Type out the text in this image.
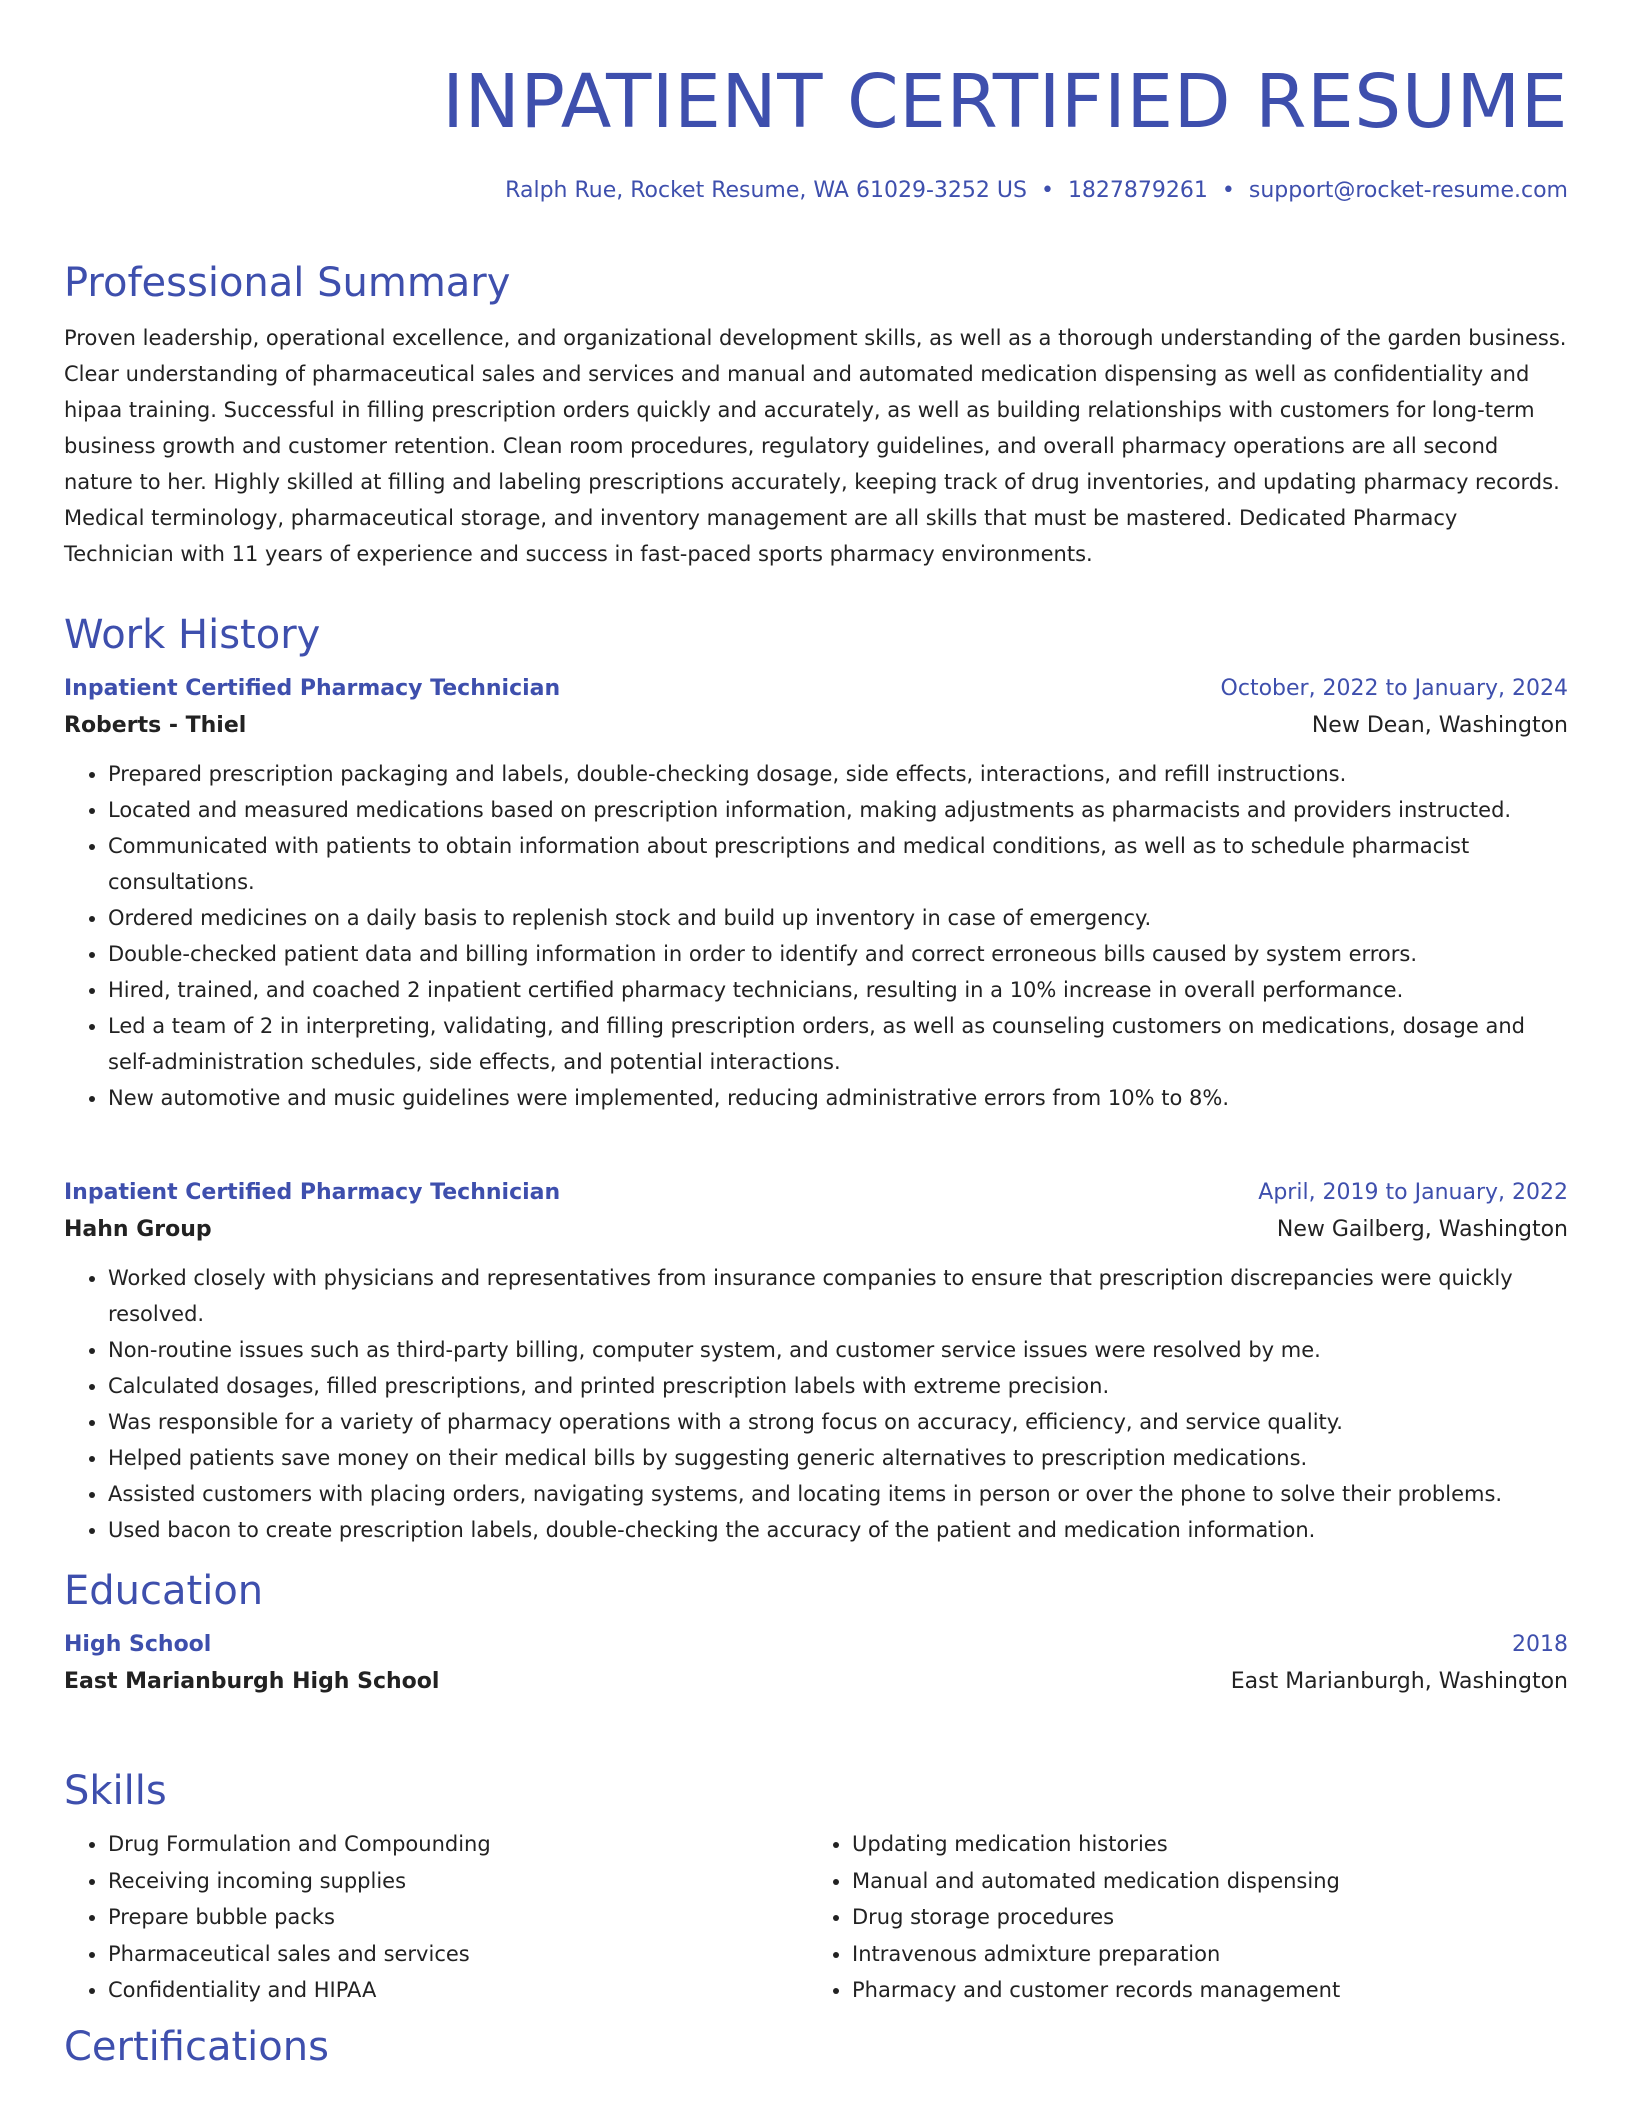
INPATIENT CERTIFIED RESUME
Ralph Rue, Rocket Resume, WA 61029-3252 US • 1827879261 • support@rocket-resume.com
Professional Summary

Proven leadership, operational excellence, and organizational development skills, as well as a thorough understanding of the garden business. Clear understanding of pharmaceutical sales and services and manual and automated medication dispensing as well as confidentiality and hipaa training. Successful in filling prescription orders quickly and accurately, as well as building relationships with customers for long-term business growth and customer retention. Clean room procedures, regulatory guidelines, and overall pharmacy operations are all second nature to her. Highly skilled at filling and labeling prescriptions accurately, keeping track of drug inventories, and updating pharmacy records. Medical terminology, pharmaceutical storage, and inventory management are all skills that must be mastered. Dedicated Pharmacy Technician with 11 years of experience and success in fast-paced sports pharmacy environments.

Work History
Inpatient Certified Pharmacy Technician	October, 2022 to January, 2024
Roberts - Thiel	New Dean, Washington
• Prepared prescription packaging and labels, double-checking dosage, side effects, interactions, and refill instructions.
• Located and measured medications based on prescription information, making adjustments as pharmacists and providers instructed.
• Communicated with patients to obtain information about prescriptions and medical conditions, as well as to schedule pharmacist consultations.
• Ordered medicines on a daily basis to replenish stock and build up inventory in case of emergency.
• Double-checked patient data and billing information in order to identify and correct erroneous bills caused by system errors.
• Hired, trained, and coached 2 inpatient certified pharmacy technicians, resulting in a 10% increase in overall performance.
• Led a team of 2 in interpreting, validating, and filling prescription orders, as well as counseling customers on medications, dosage and self-administration schedules, side effects, and potential interactions.
• New automotive and music guidelines were implemented, reducing administrative errors from 10% to 8%.
Inpatient Certified Pharmacy Technician	April, 2019 to January, 2022
Hahn Group	New Gailberg, Washington
• Worked closely with physicians and representatives from insurance companies to ensure that prescription discrepancies were quickly resolved.
• Non-routine issues such as third-party billing, computer system, and customer service issues were resolved by me.
• Calculated dosages, filled prescriptions, and printed prescription labels with extreme precision.
• Was responsible for a variety of pharmacy operations with a strong focus on accuracy, efficiency, and service quality.
• Helped patients save money on their medical bills by suggesting generic alternatives to prescription medications.
• Assisted customers with placing orders, navigating systems, and locating items in person or over the phone to solve their problems.
• Used bacon to create prescription labels, double-checking the accuracy of the patient and medication information.
Education
High School	2018
East Marianburgh High School	East Marianburgh, Washington
Skills
• Drug Formulation and Compounding
• Receiving incoming supplies
• Prepare bubble packs
• Pharmaceutical sales and services
• Confidentiality and HIPAA
• Updating medication histories
• Manual and automated medication dispensing
• Drug storage procedures
• Intravenous admixture preparation
• Pharmacy and customer records management
Certifications
